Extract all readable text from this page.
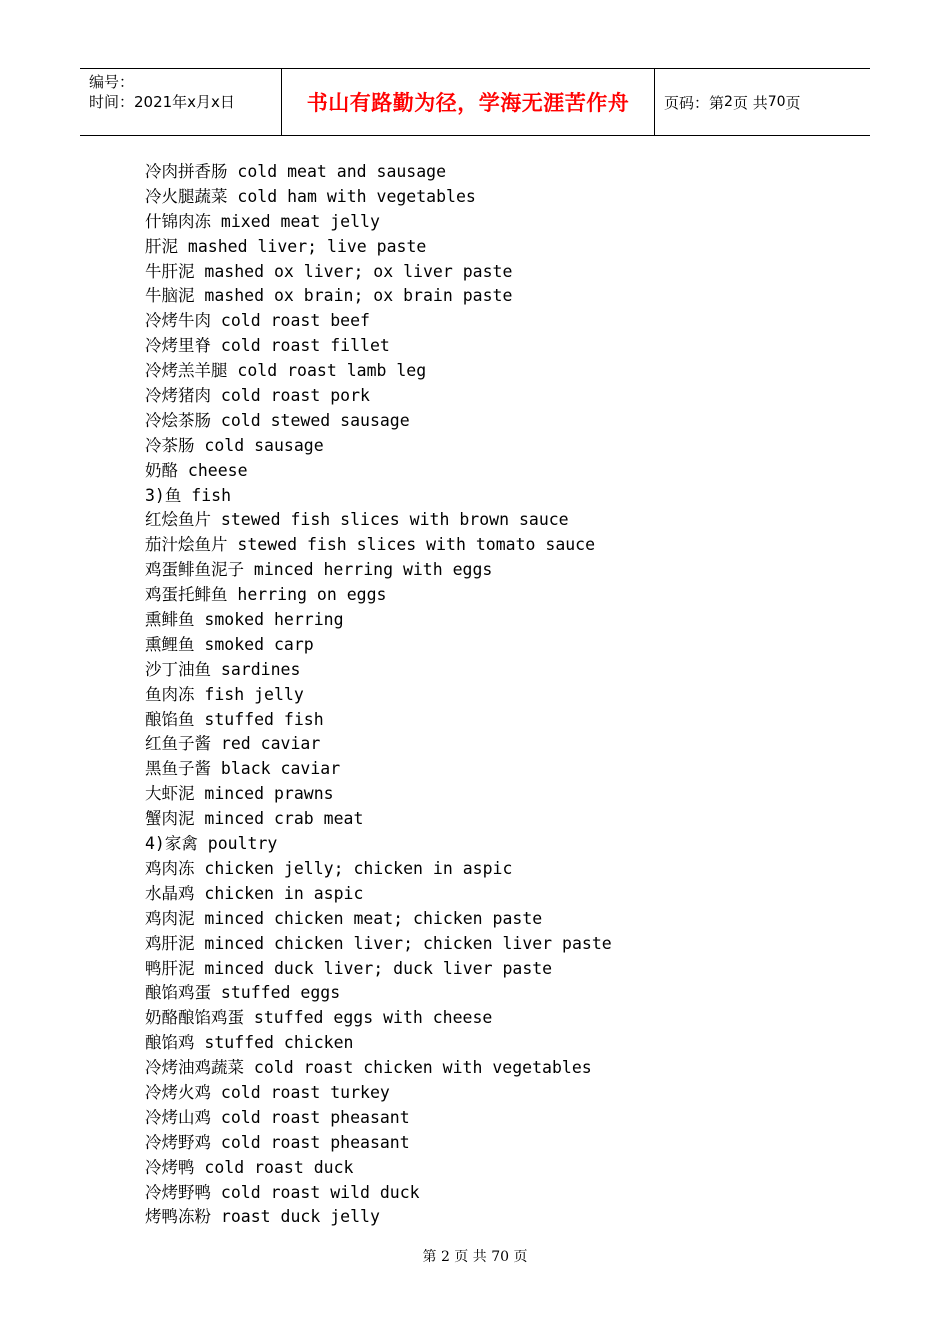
编号：
时间：2021年x月x日	书山有路勤为径，学海无涯苦作舟	页码：第 2 页 共 70 页
冷肉拼香肠 cold meat and sausage
冷火腿蔬菜 cold ham with vegetables
什锦肉冻 mixed meat jelly
肝泥 mashed liver; live paste
牛肝泥 mashed ox liver; ox liver paste
牛脑泥 mashed ox brain; ox brain paste
冷烤牛肉 cold roast beef
冷烤里脊 cold roast fillet
冷烤羔羊腿 cold roast lamb leg
冷烤猪肉 cold roast pork
冷烩茶肠 cold stewed sausage
冷茶肠 cold sausage
奶酪 cheese
3)鱼 fish
红烩鱼片 stewed fish slices with brown sauce
茄汁烩鱼片 stewed fish slices with tomato sauce
鸡蛋鲱鱼泥子 minced herring with eggs
鸡蛋托鲱鱼 herring on eggs
熏鲱鱼 smoked herring
熏鲤鱼 smoked carp
沙丁油鱼 sardines
鱼肉冻 fish jelly
酿馅鱼 stuffed fish
红鱼子酱 red caviar
黑鱼子酱 black caviar
大虾泥 minced prawns
蟹肉泥 minced crab meat
4)家禽 poultry
鸡肉冻 chicken jelly; chicken in aspic
水晶鸡 chicken in aspic
鸡肉泥 minced chicken meat; chicken paste
鸡肝泥 minced chicken liver; chicken liver paste
鸭肝泥 minced duck liver; duck liver paste
酿馅鸡蛋 stuffed eggs
奶酪酿馅鸡蛋 stuffed eggs with cheese
酿馅鸡 stuffed chicken
冷烤油鸡蔬菜 cold roast chicken with vegetables
冷烤火鸡 cold roast turkey
冷烤山鸡 cold roast pheasant
冷烤野鸡 cold roast pheasant
冷烤鸭 cold roast duck
冷烤野鸭 cold roast wild duck
烤鸭冻粉 roast duck jelly
第 2 页 共 70 页
